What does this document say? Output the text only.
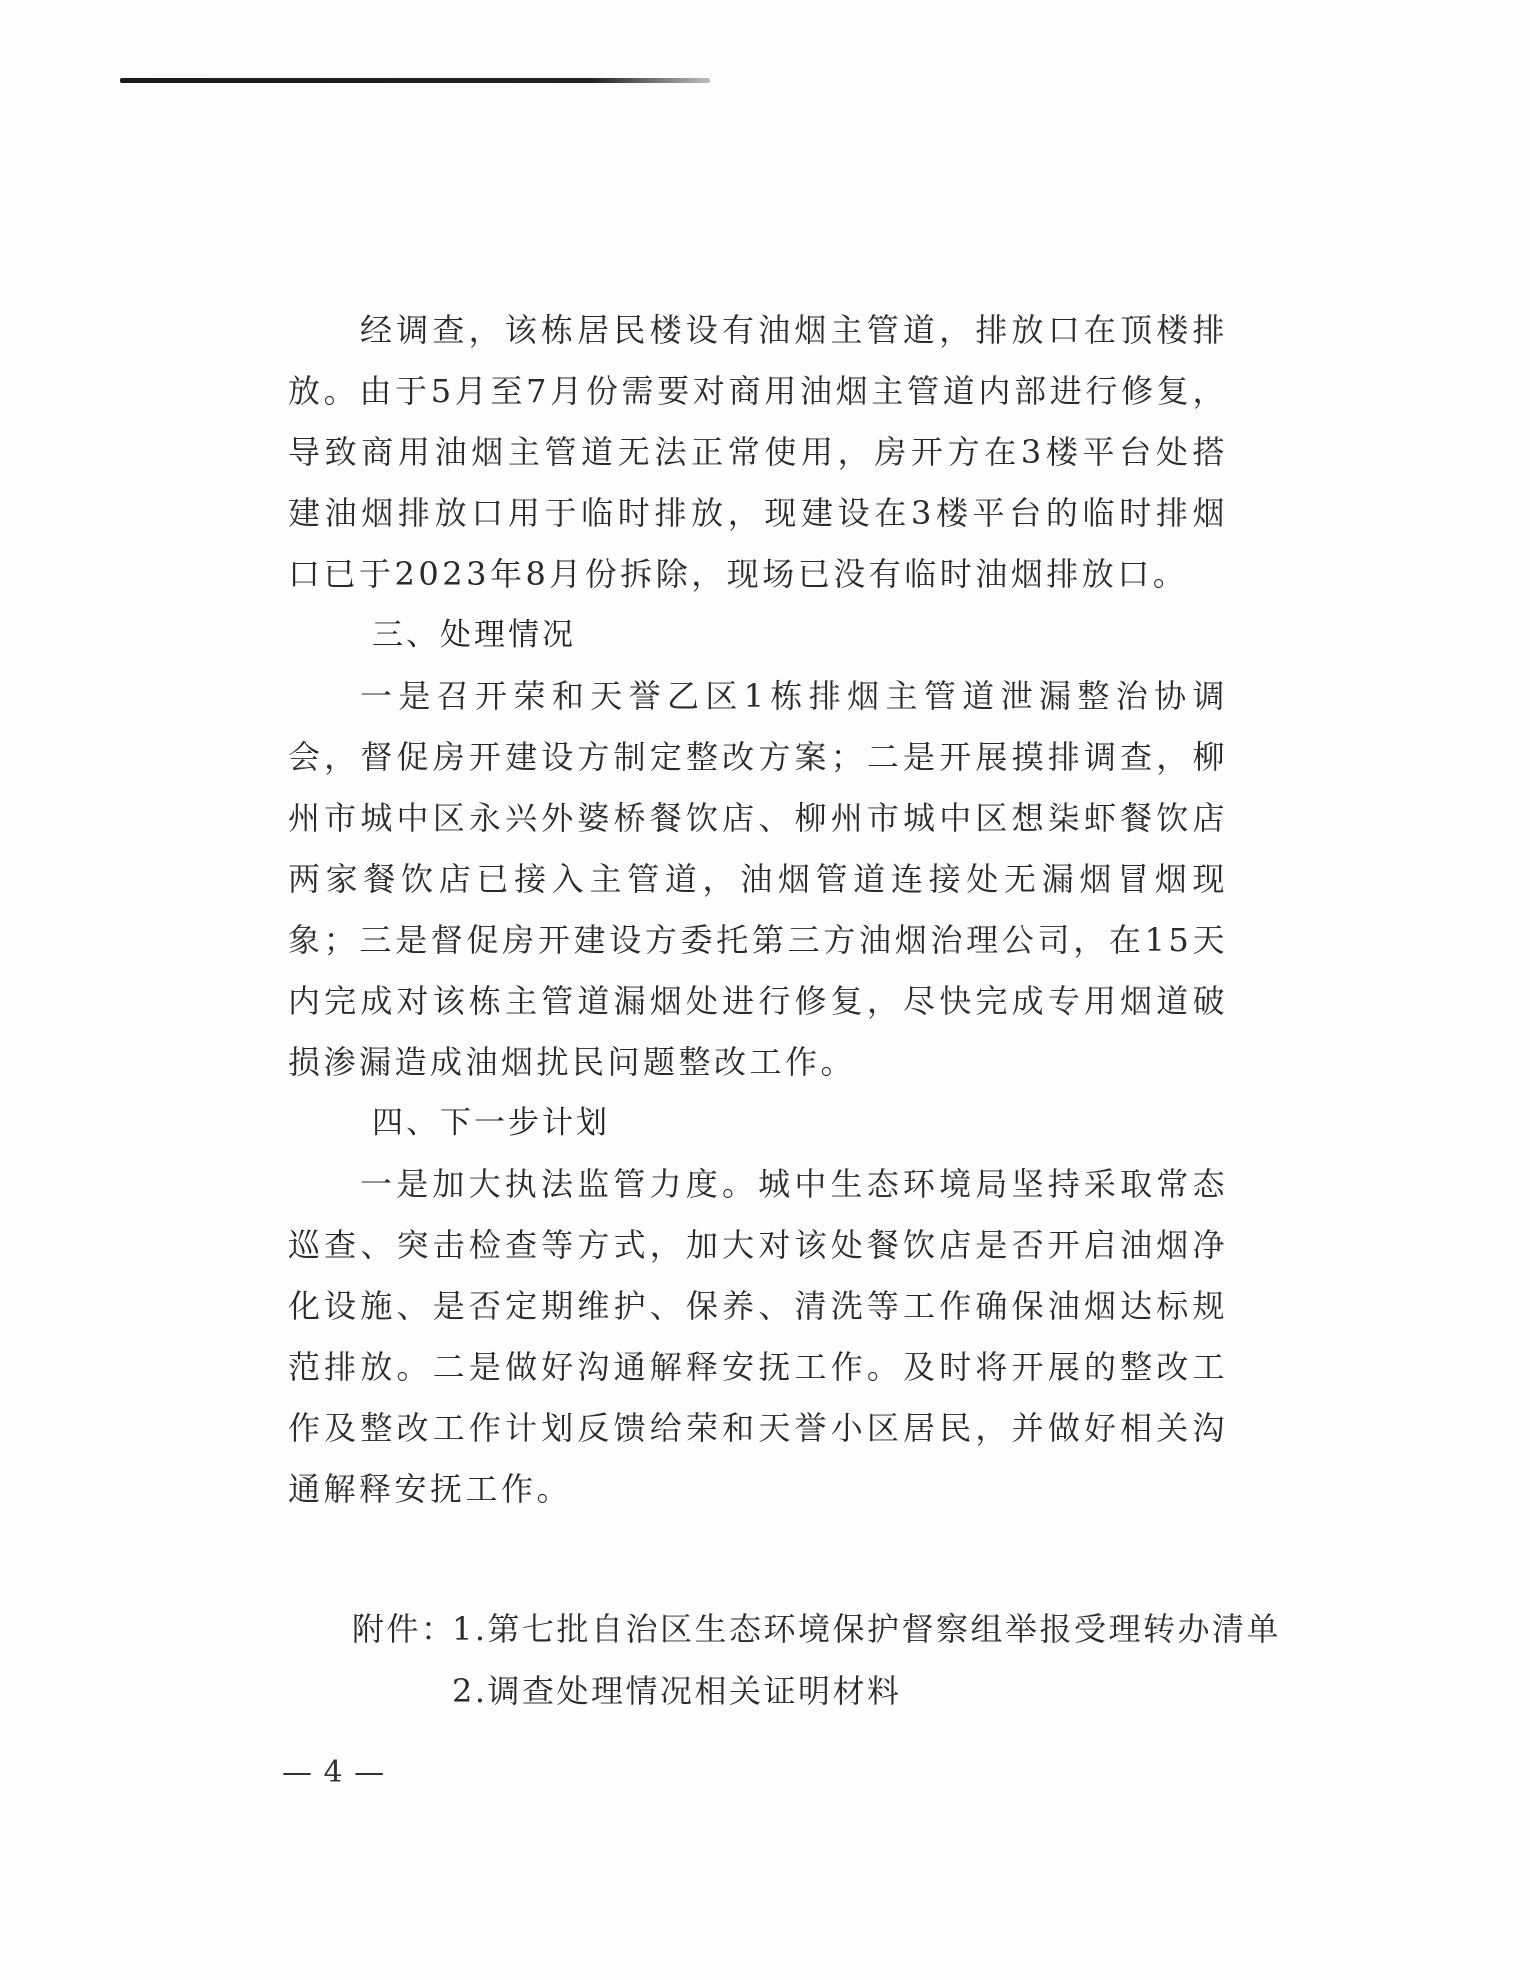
经调查，该栋居民楼设有油烟主管道，排放口在顶楼排放。由于5月至7月份需要对商用油烟主管道内部进行修复，导致商用油烟主管道无法正常使用，房开方在3楼平台处搭建油烟排放口用于临时排放，现建设在3楼平台的临时排烟口已于2023年8月份拆除，现场已没有临时油烟排放口。

三、处理情况

一是召开荣和天誉乙区1栋排烟主管道泄漏整治协调会，督促房开建设方制定整改方案；二是开展摸排调查，柳州市城中区永兴外婆桥餐饮店、柳州市城中区想柒虾餐饮店两家餐饮店已接入主管道，油烟管道连接处无漏烟冒烟现象；三是督促房开建设方委托第三方油烟治理公司，在15天内完成对该栋主管道漏烟处进行修复，尽快完成专用烟道破损渗漏造成油烟扰民问题整改工作。

四、下一步计划

一是加大执法监管力度。城中生态环境局坚持采取常态巡查、突击检查等方式，加大对该处餐饮店是否开启油烟净化设施、是否定期维护、保养、清洗等工作确保油烟达标规范排放。二是做好沟通解释安抚工作。及时将开展的整改工作及整改工作计划反馈给荣和天誉小区居民，并做好相关沟通解释安抚工作。

附件：
1.第七批自治区生态环境保护督察组举报受理转办清单
2.调查处理情况相关证明材料
— 4 —
